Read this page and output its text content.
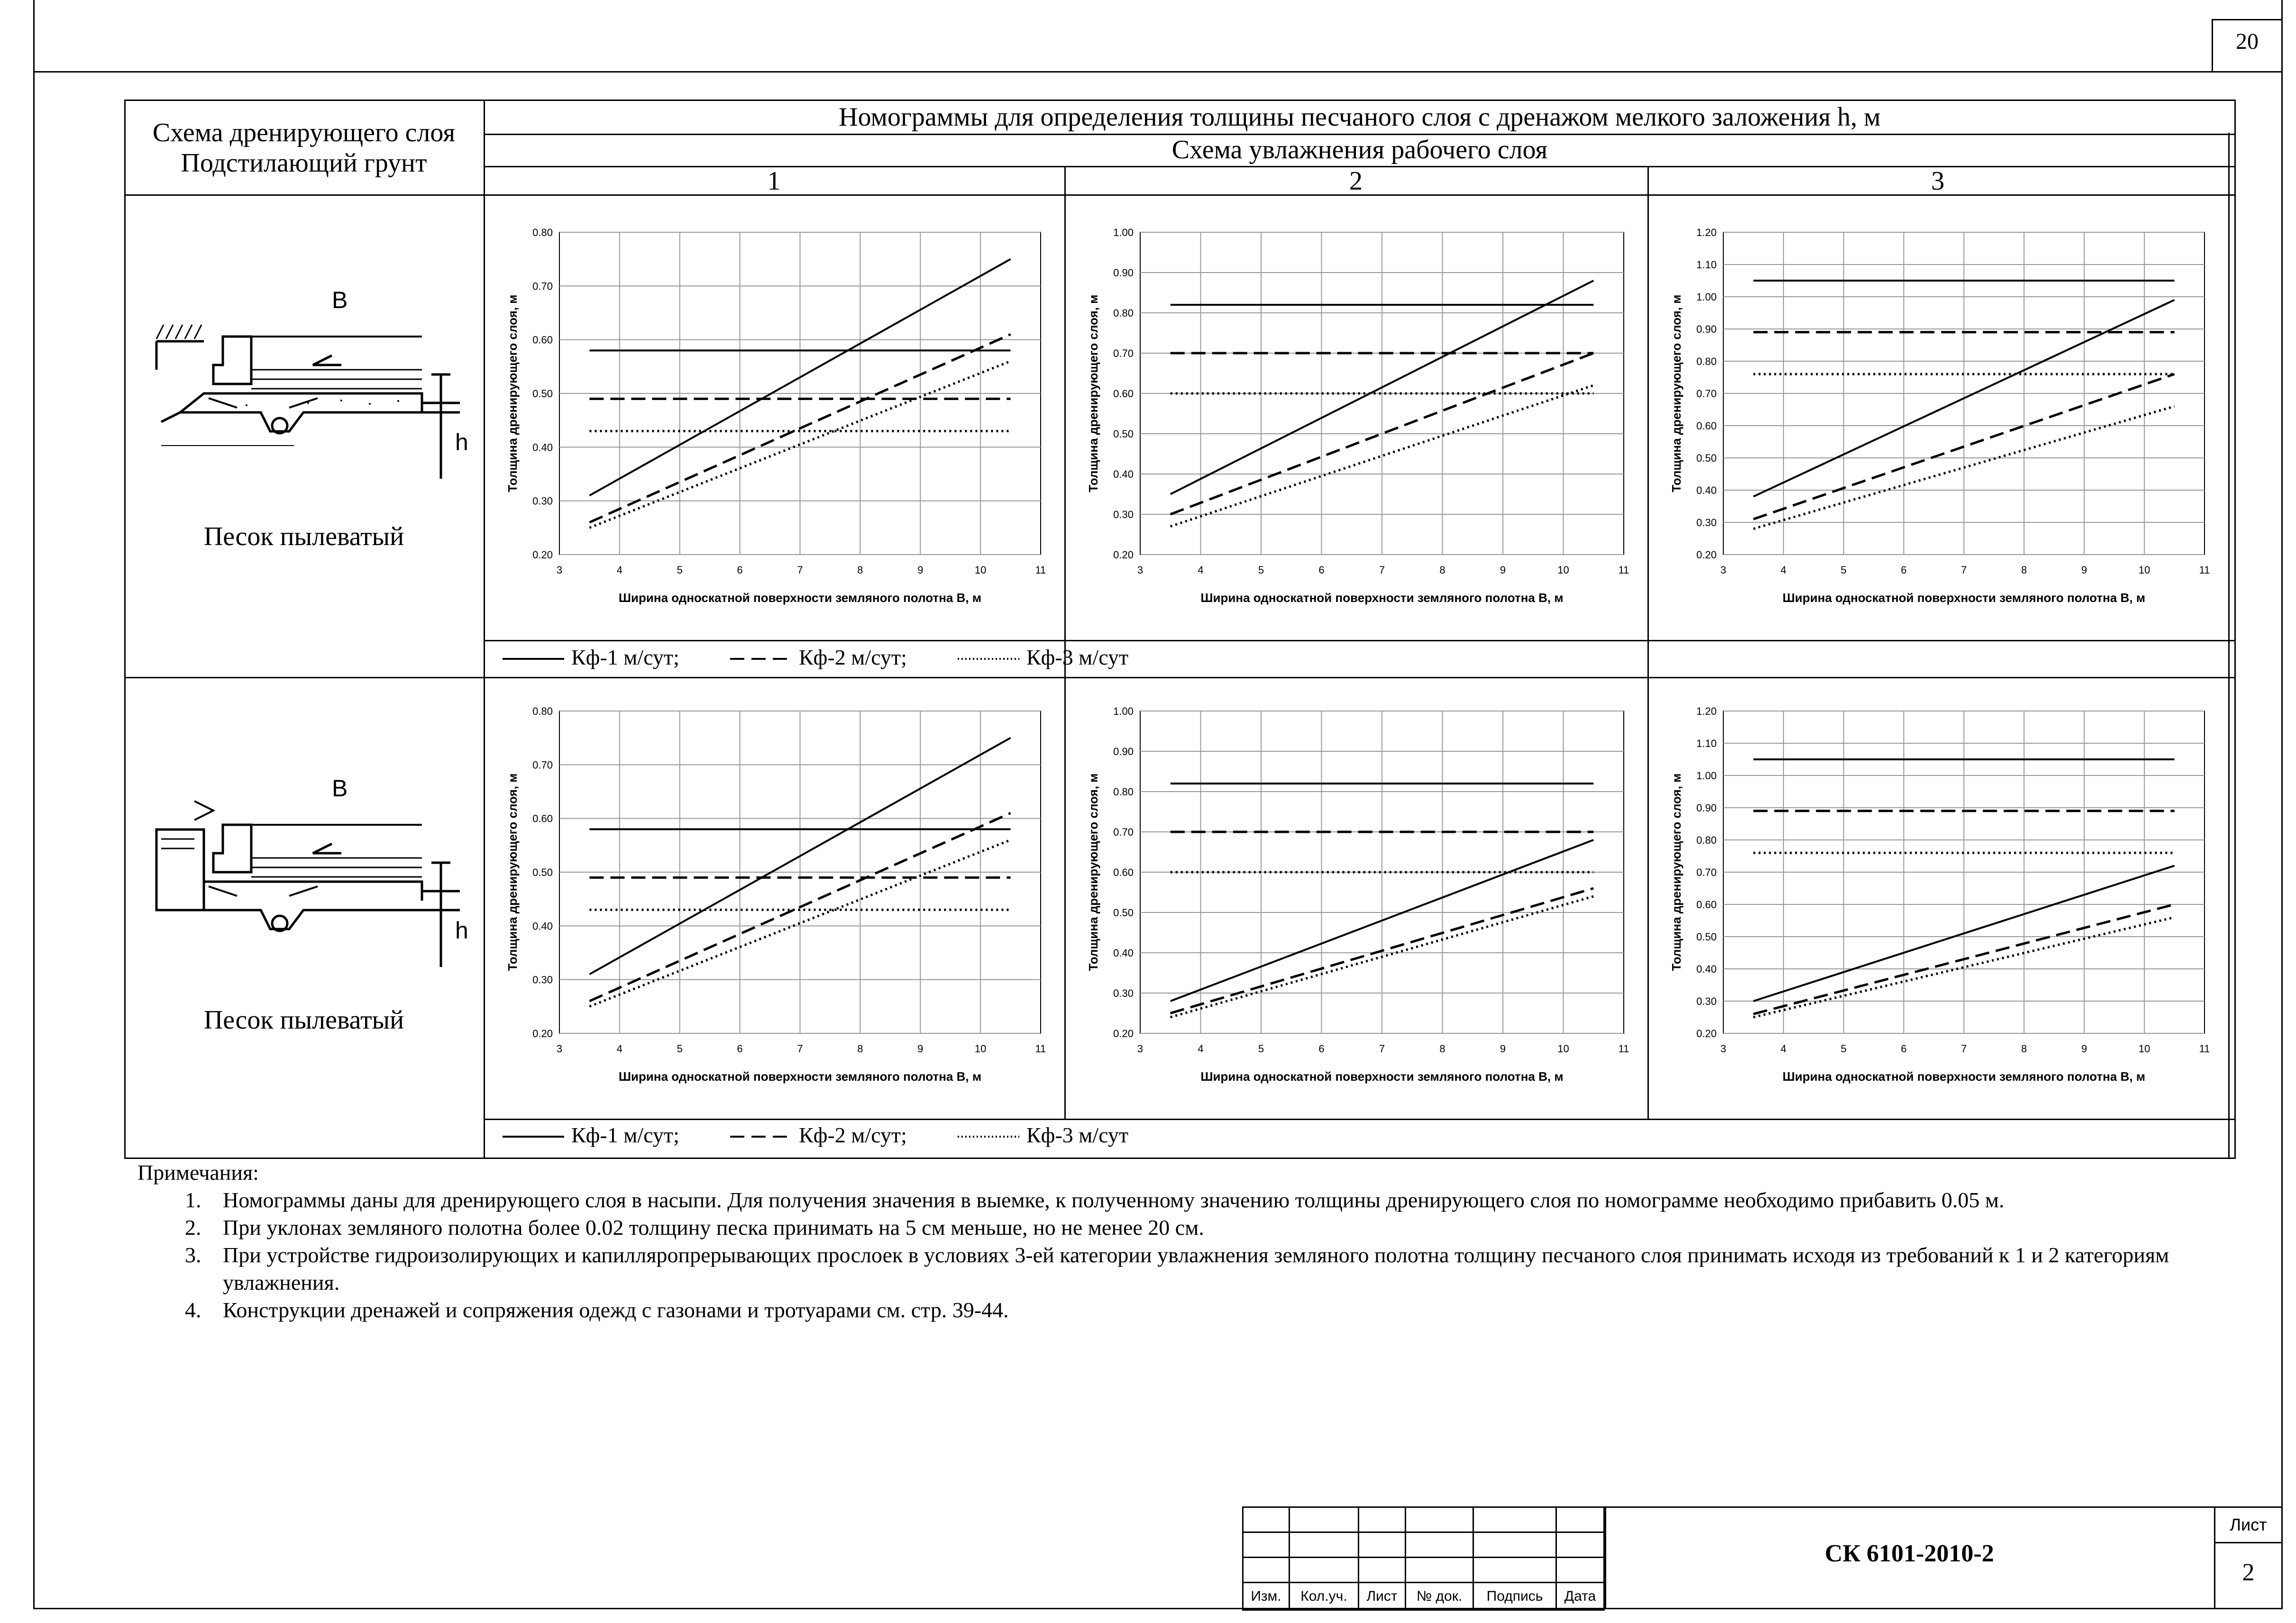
20
Схема дренирующего слоя
Подстилающий грунт
Номограммы для определения толщины песчаного слоя с дренажом мелкого заложения h, м
Схема увлажнения рабочего слоя
1	2	3
B
h
Песок пылеватый
B
h
Песок пылеватый
3	4	5	6	7	8	9	10	11
0.20
0.30
0.40
0.50
0.60
0.70
0.80
Ширина односкатной поверхности земляного полотна В, м
Толщина дренирующего слоя, м
3	4	5	6	7	8	9	10	11
0.20
0.30
0.40
0.50
0.60
0.70
0.80
0.90
1.00
Ширина односкатной поверхности земляного полотна В, м
Толщина дренирующего слоя, м
3	4	5	6	7	8	9	10	11
0.20
0.30
0.40
0.50
0.60
0.70
0.80
0.90
1.00
1.10
1.20
Ширина односкатной поверхности земляного полотна В, м
Толщина дренирующего слоя, м
3	4	5	6	7	8	9	10	11
0.20
0.30
0.40
0.50
0.60
0.70
0.80
Ширина односкатной поверхности земляного полотна В, м
Толщина дренирующего слоя, м
3	4	5	6	7	8	9	10	11
0.20
0.30
0.40
0.50
0.60
0.70
0.80
0.90
1.00
Ширина односкатной поверхности земляного полотна В, м
Толщина дренирующего слоя, м
3	4	5	6	7	8	9	10	11
0.20
0.30
0.40
0.50
0.60
0.70
0.80
0.90
1.00
1.10
1.20
Ширина односкатной поверхности земляного полотна В, м
Толщина дренирующего слоя, м
Кф-1 м/сут;	Кф-2 м/сут;	Кф-3 м/сут
Кф-1 м/сут;	Кф-2 м/сут;	Кф-3 м/сут
Примечания:
1. Номограммы даны для дренирующего слоя в насыпи. Для получения значения в выемке, к полученному значению толщины дренирующего слоя по номограмме необходимо прибавить 0.05 м.
2. При уклонах земляного полотна более 0.02 толщину песка принимать на 5 см меньше, но не менее 20 см.
3. При устройстве гидроизолирующих и капилляропрерывающих прослоек в условиях 3-ей категории увлажнения земляного полотна толщину песчаного слоя принимать исходя из требований к 1 и 2 категориям увлажнения.
4. Конструкции дренажей и сопряжения одежд с газонами и тротуарами см. стр. 39-44.

Изм.	Кол.уч.	Лист	№ док.	Подпись	Дата
СК 6101-2010-2
Лист
2
